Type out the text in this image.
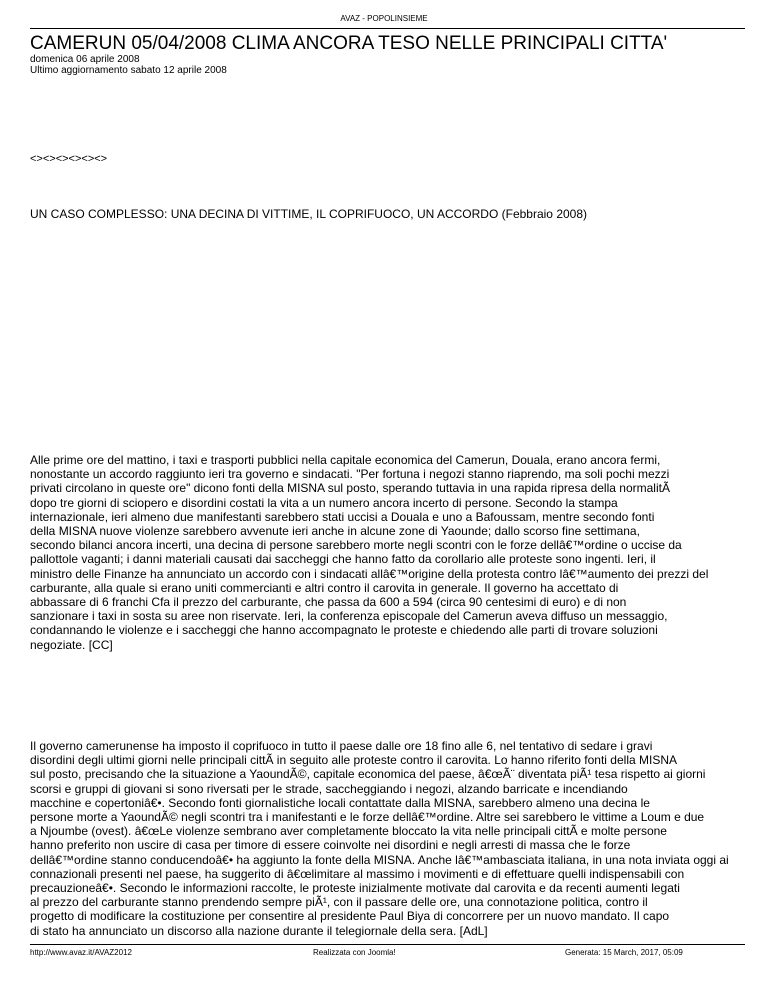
AVAZ - POPOLINSIEME
CAMERUN 05/04/2008 CLIMA ANCORA TESO NELLE PRINCIPALI CITTA'
domenica 06 aprile 2008
Ultimo aggiornamento sabato 12 aprile 2008
<><><><><><>
UN CASO COMPLESSO: UNA DECINA DI VITTIME, IL COPRIFUOCO, UN ACCORDO (Febbraio 2008)
Alle prime ore del mattino, i taxi e trasporti pubblici nella capitale economica del Camerun, Douala, erano ancora fermi,
nonostante un accordo raggiunto ieri tra governo e sindacati. "Per fortuna i negozi stanno riaprendo, ma soli pochi mezzi
privati circolano in queste ore" dicono fonti della MISNA sul posto, sperando tuttavia in una rapida ripresa della normalitÃ
dopo tre giorni di sciopero e disordini costati la vita a un numero ancora incerto di persone. Secondo la stampa
internazionale, ieri almeno due manifestanti sarebbero stati uccisi a Douala e uno a Bafoussam, mentre secondo fonti
della MISNA nuove violenze sarebbero avvenute ieri anche in alcune zone di Yaounde; dallo scorso fine settimana,
secondo bilanci ancora incerti, una decina di persone sarebbero morte negli scontri con le forze dellâ€™ordine o uccise da
pallottole vaganti; i danni materiali causati dai saccheggi che hanno fatto da corollario alle proteste sono ingenti. Ieri, il
ministro delle Finanze ha annunciato un accordo con i sindacati allâ€™origine della protesta contro lâ€™aumento dei prezzi del
carburante, alla quale si erano uniti commercianti e altri contro il carovita in generale. Il governo ha accettato di
abbassare di 6 franchi Cfa il prezzo del carburante, che passa da 600 a 594 (circa 90 centesimi di euro) e di non
sanzionare i taxi in sosta su aree non riservate. Ieri, la conferenza episcopale del Camerun aveva diffuso un messaggio,
condannando le violenze e i saccheggi che hanno accompagnato le proteste e chiedendo alle parti di trovare soluzioni
negoziate. [CC]
Il governo camerunense ha imposto il coprifuoco in tutto il paese dalle ore 18 fino alle 6, nel tentativo di sedare i gravi
disordini degli ultimi giorni nelle principali cittÃ in seguito alle proteste contro il carovita. Lo hanno riferito fonti della MISNA
sul posto, precisando che la situazione a YaoundÃ©, capitale economica del paese, â€œÃ¨ diventata piÃ¹ tesa rispetto ai giorni
scorsi e gruppi di giovani si sono riversati per le strade, saccheggiando i negozi, alzando barricate e incendiando
macchine e copertoniâ€•. Secondo fonti giornalistiche locali contattate dalla MISNA, sarebbero almeno una decina le
persone morte a YaoundÃ© negli scontri tra i manifestanti e le forze dellâ€™ordine. Altre sei sarebbero le vittime a Loum e due
a Njoumbe (ovest). â€œLe violenze sembrano aver completamente bloccato la vita nelle principali cittÃ e molte persone
hanno preferito non uscire di casa per timore di essere coinvolte nei disordini e negli arresti di massa che le forze
dellâ€™ordine stanno conducendoâ€• ha aggiunto la fonte della MISNA. Anche lâ€™ambasciata italiana, in una nota inviata oggi ai
connazionali presenti nel paese, ha suggerito di â€œlimitare al massimo i movimenti e di effettuare quelli indispensabili con
precauzioneâ€•. Secondo le informazioni raccolte, le proteste inizialmente motivate dal carovita e da recenti aumenti legati
al prezzo del carburante stanno prendendo sempre piÃ¹, con il passare delle ore, una connotazione politica, contro il
progetto di modificare la costituzione per consentire al presidente Paul Biya di concorrere per un nuovo mandato. Il capo
di stato ha annunciato un discorso alla nazione durante il telegiornale della sera. [AdL]
http://www.avaz.it/AVAZ2012	Realizzata con Joomla!	Generata: 15 March, 2017, 05:09
